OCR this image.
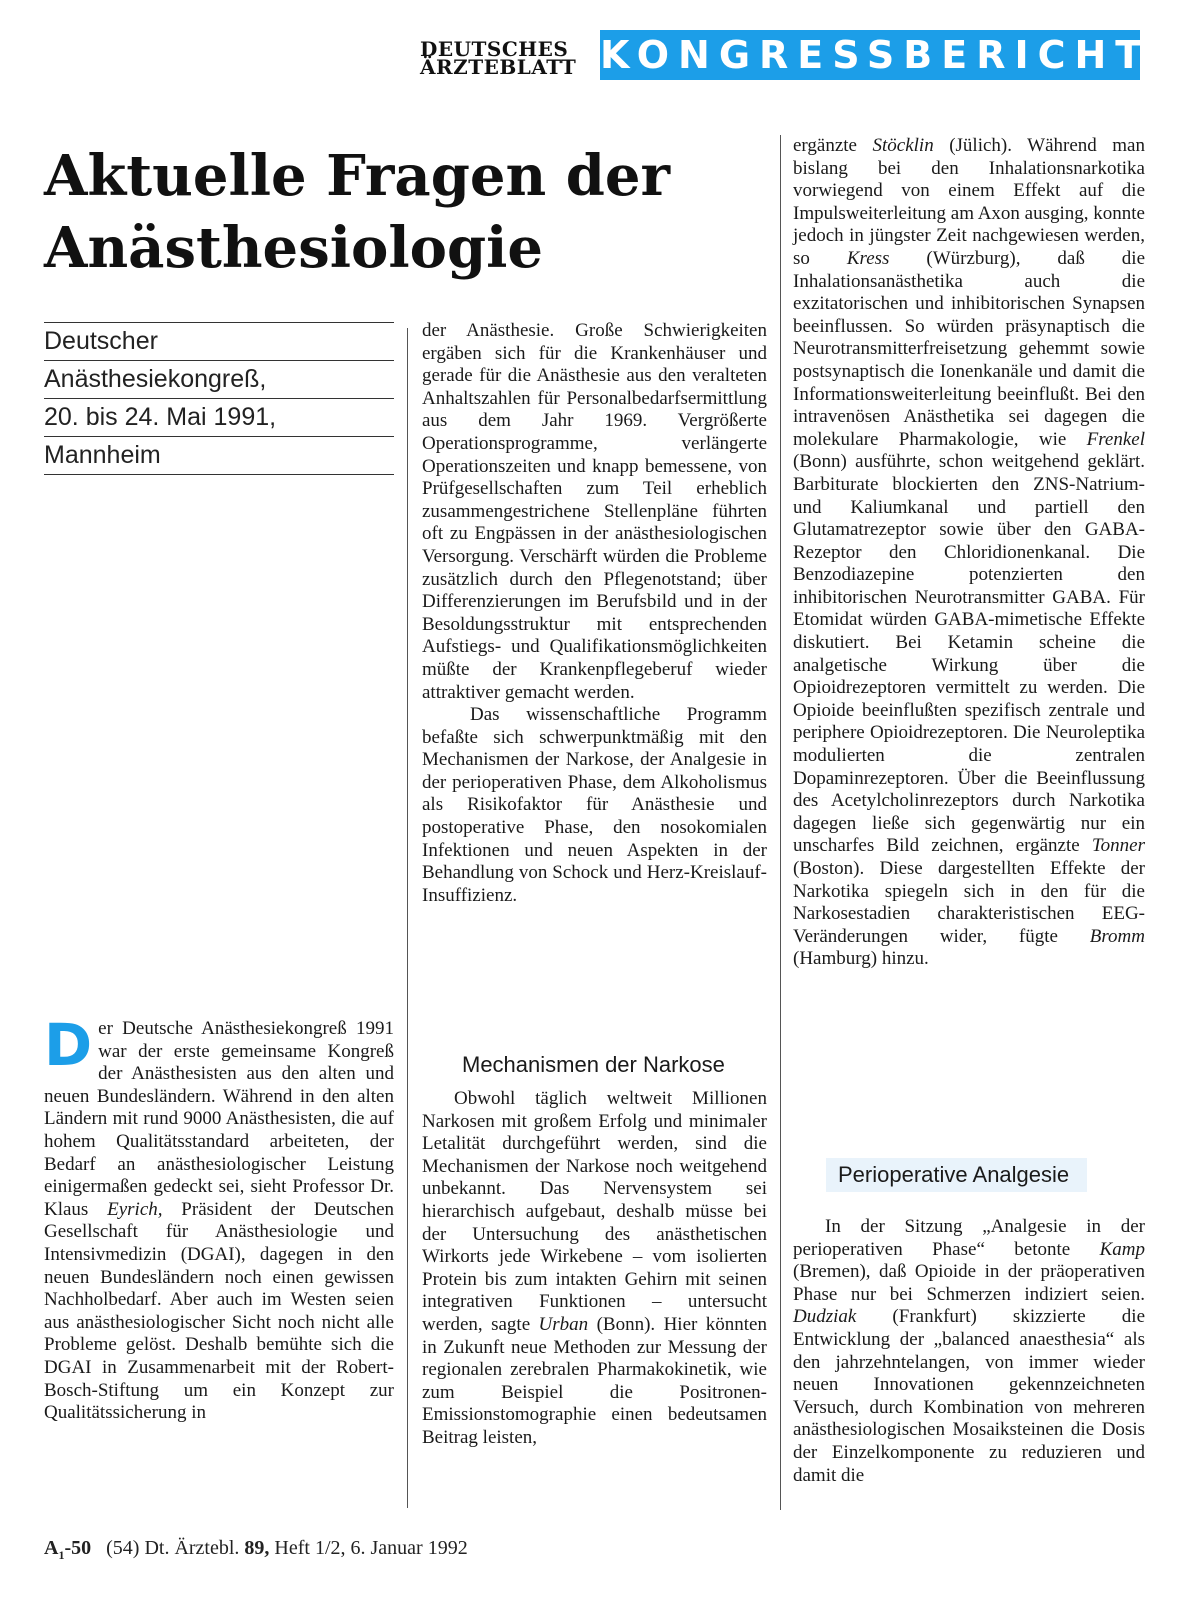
DEUTSCHES
ÄRZTEBLATT KONGRESSBERICHT
Aktuelle Fragen der
Anästhesiologie
Deutscher
Anästhesiekongreß,
20. bis 24. Mai 1991,
Mannheim

Der Deutsche Anästhesiekongreß 1991 war der erste gemeinsame Kongreß der Anästhesisten aus den alten und neuen Bundesländern. Während in den alten Ländern mit rund 9000 Anästhesisten, die auf hohem Qualitätsstandard arbeiteten, der Bedarf an anästhesiologischer Leistung einigermaßen gedeckt sei, sieht Professor Dr. Klaus Eyrich, Präsident der Deutschen Gesellschaft für Anästhesiologie und Intensivmedizin (DGAI), dagegen in den neuen Bundesländern noch einen gewissen Nachholbedarf. Aber auch im Westen seien aus anästhesiologischer Sicht noch nicht alle Probleme gelöst. Deshalb bemühte sich die DGAI in Zusammenarbeit mit der Robert-Bosch-Stiftung um ein Konzept zur Qualitätssicherung in

der Anästhesie. Große Schwierigkeiten ergäben sich für die Krankenhäuser und gerade für die Anästhesie aus den veralteten Anhaltszahlen für Personalbedarfsermittlung aus dem Jahr 1969. Vergrößerte Operationsprogramme, verlängerte Operationszeiten und knapp bemessene, von Prüfgesellschaften zum Teil erheblich zusammengestrichene Stellenpläne führten oft zu Engpässen in der anästhesiologischen Versorgung. Verschärft würden die Probleme zusätzlich durch den Pflegenotstand; über Differenzierungen im Berufsbild und in der Besoldungsstruktur mit entsprechenden Aufstiegs- und Qualifikationsmöglichkeiten müßte der Krankenpflegeberuf wieder attraktiver gemacht werden.

Das wissenschaftliche Programm befaßte sich schwerpunktmäßig mit den Mechanismen der Narkose, der Analgesie in der perioperativen Phase, dem Alkoholismus als Risikofaktor für Anästhesie und postoperative Phase, den nosokomialen Infektionen und neuen Aspekten in der Behandlung von Schock und Herz-Kreislauf-Insuffizienz.

Mechanismen der Narkose

Obwohl täglich weltweit Millionen Narkosen mit großem Erfolg und minimaler Letalität durchgeführt werden, sind die Mechanismen der Narkose noch weitgehend unbekannt. Das Nervensystem sei hierarchisch aufgebaut, deshalb müsse bei der Untersuchung des anästhetischen Wirkorts jede Wirkebene – vom isolierten Protein bis zum intakten Gehirn mit seinen integrativen Funktionen – untersucht werden, sagte Urban (Bonn). Hier könnten in Zukunft neue Methoden zur Messung der regionalen zerebralen Pharmakokinetik, wie zum Beispiel die Positronen-Emissionstomographie einen bedeutsamen Beitrag leisten,

ergänzte Stöcklin (Jülich). Während man bislang bei den Inhalationsnarkotika vorwiegend von einem Effekt auf die Impulsweiterleitung am Axon ausging, konnte jedoch in jüngster Zeit nachgewiesen werden, so Kress (Würzburg), daß die Inhalationsanästhetika auch die exzitatorischen und inhibitorischen Synapsen beeinflussen. So würden präsynaptisch die Neurotransmitterfreisetzung gehemmt sowie postsynaptisch die Ionenkanäle und damit die Informationsweiterleitung beeinflußt. Bei den intravenösen Anästhetika sei dagegen die molekulare Pharmakologie, wie Frenkel (Bonn) ausführte, schon weitgehend geklärt. Barbiturate blockierten den ZNS-Natrium- und Kaliumkanal und partiell den Glutamatrezeptor sowie über den GABA-Rezeptor den Chloridionenkanal. Die Benzodiazepine potenzierten den inhibitorischen Neurotransmitter GABA. Für Etomidat würden GABA-mimetische Effekte diskutiert. Bei Ketamin scheine die analgetische Wirkung über die Opioidrezeptoren vermittelt zu werden. Die Opioide beeinflußten spezifisch zentrale und periphere Opioidrezeptoren. Die Neuroleptika modulierten die zentralen Dopaminrezeptoren. Über die Beeinflussung des Acetylcholinrezeptors durch Narkotika dagegen ließe sich gegenwärtig nur ein unscharfes Bild zeichnen, ergänzte Tonner (Boston). Diese dargestellten Effekte der Narkotika spiegeln sich in den für die Narkosestadien charakteristischen EEG-Veränderungen wider, fügte Bromm (Hamburg) hinzu.

Perioperative Analgesie

In der Sitzung „Analgesie in der perioperativen Phase“ betonte Kamp (Bremen), daß Opioide in der präoperativen Phase nur bei Schmerzen indiziert seien. Dudziak (Frankfurt) skizzierte die Entwicklung der „balanced anaesthesia“ als den jahrzehntelangen, von immer wieder neuen Innovationen gekennzeichneten Versuch, durch Kombination von mehreren anästhesiologischen Mosaiksteinen die Dosis der Einzelkomponente zu reduzieren und damit die

$A_1-50$ (54) Dt. Ärztebl. 89, Heft 1/2, 6. Januar 1992
